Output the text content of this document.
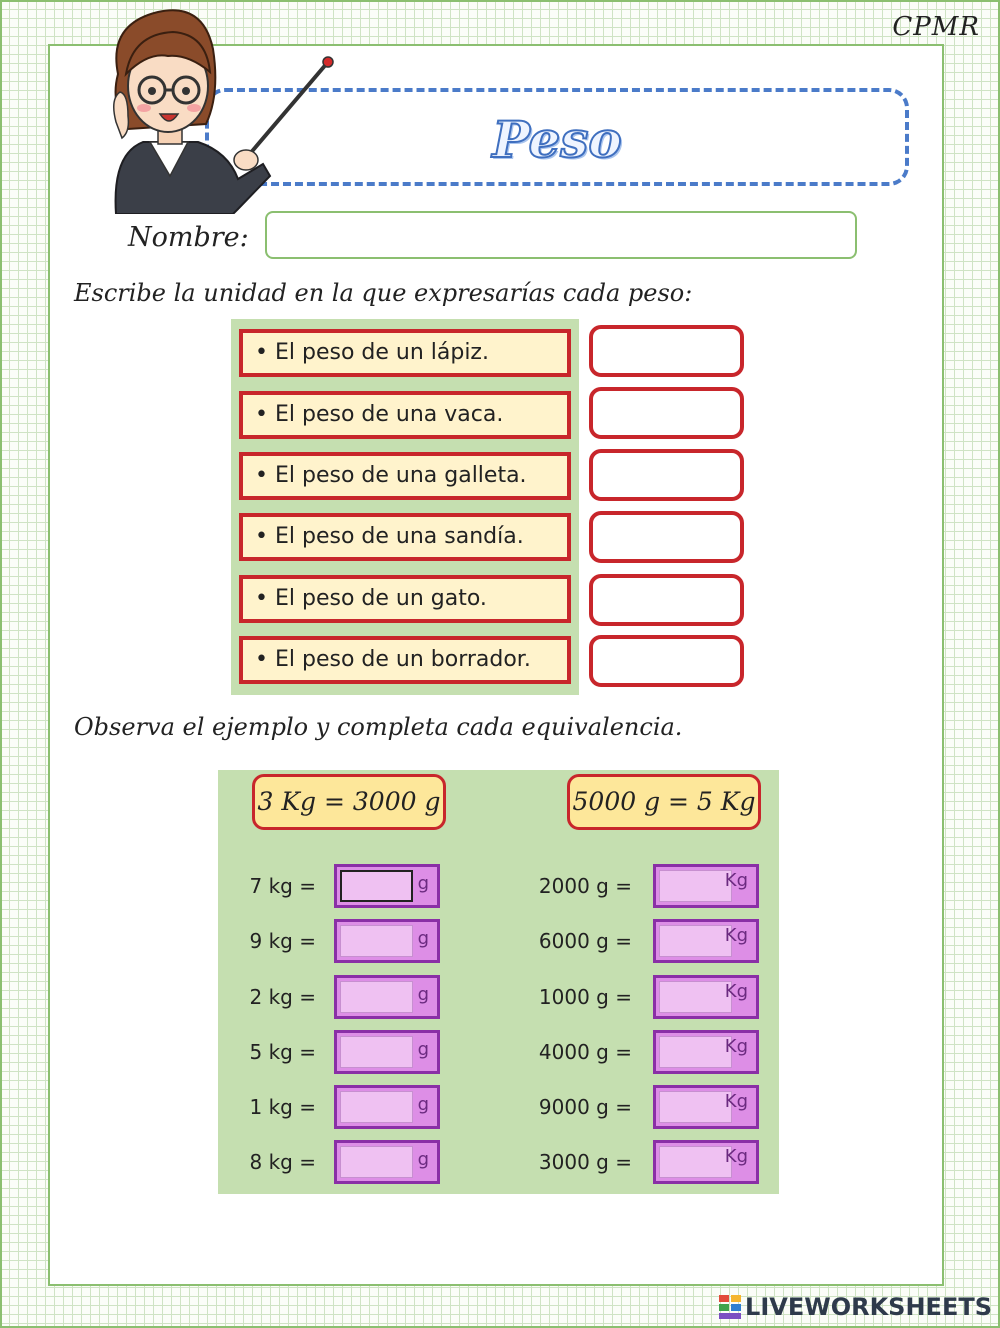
CPMR
Peso
Nombre:
Escribe la unidad en la que expresarías cada peso:
• El peso de un lápiz.
• El peso de una vaca.
• El peso de una galleta.
• El peso de una sandía.
• El peso de un gato.
• El peso de un borrador.
Observa el ejemplo y completa cada equivalencia.
3 Kg = 3000 g	5000 g = 5 Kg
7 kg =	g
9 kg =	g
2 kg =	g
5 kg =	g
1 kg =	g
8 kg =	g
2000 g =	Kg
6000 g =	Kg
1000 g =	Kg
4000 g =	Kg
9000 g =	Kg
3000 g =	Kg
LIVEWORKSHEETS
